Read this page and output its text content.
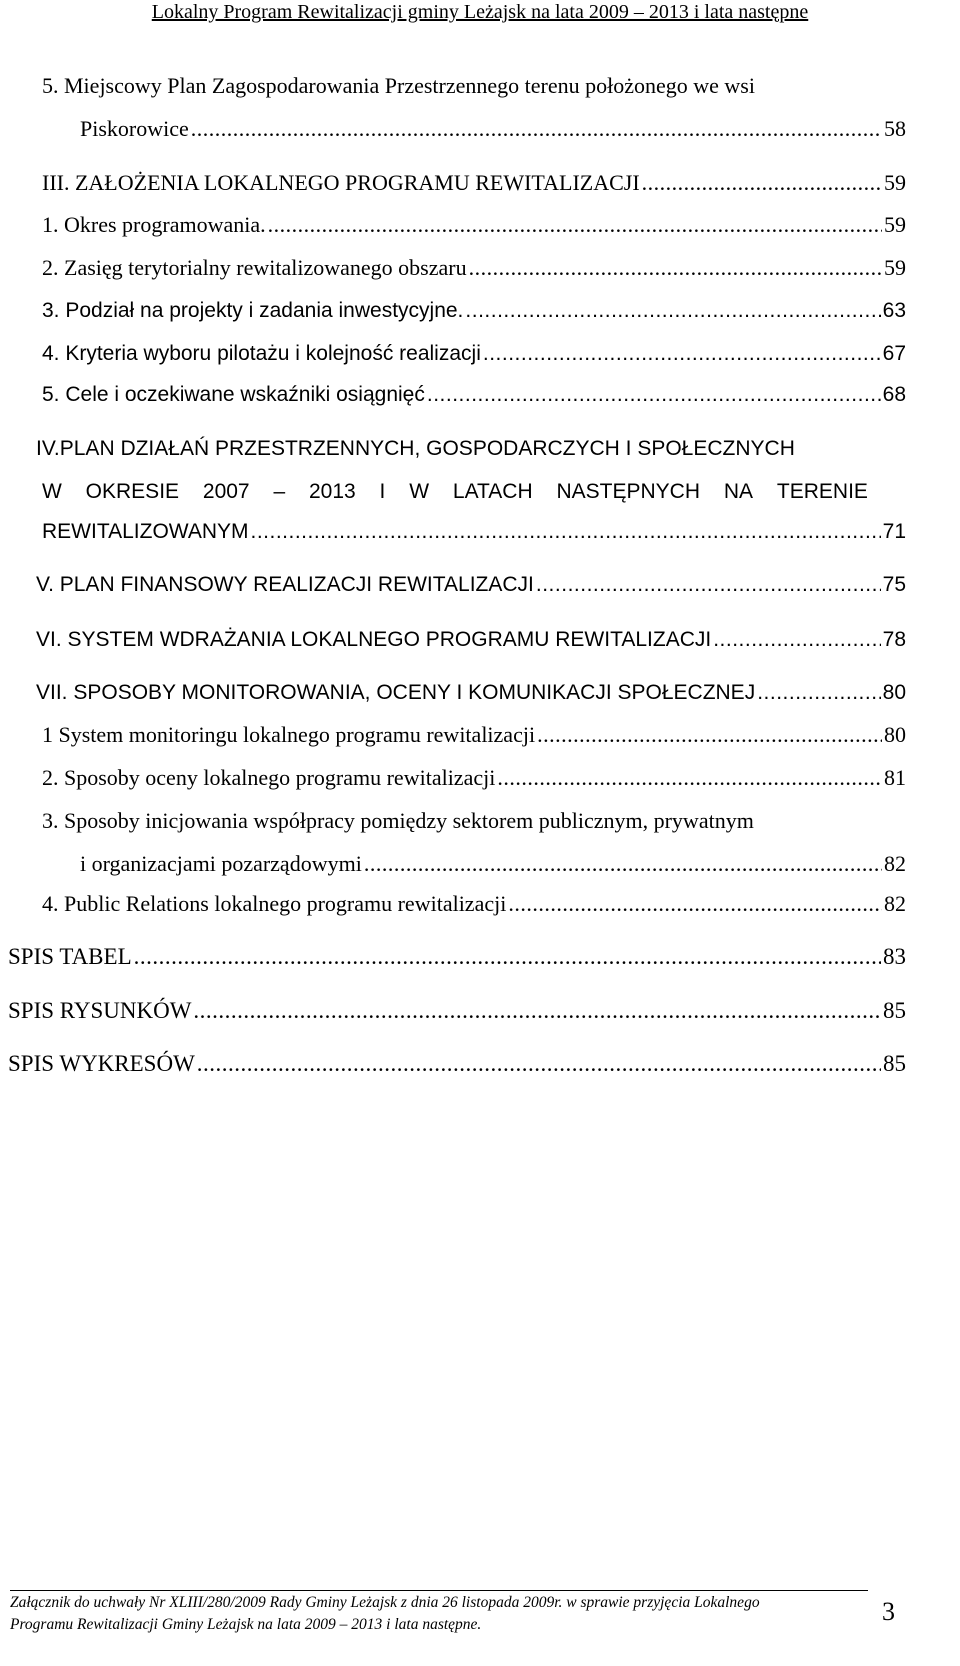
Lokalny Program Rewitalizacji gminy Leżajsk na lata 2009 – 2013 i lata następne
5. Miejscowy Plan Zagospodarowania Przestrzennego terenu położonego we wsi
Piskorowice .....	58
III. ZAŁOŻENIA LOKALNEGO PROGRAMU REWITALIZACJI .....	59
1. Okres programowania. .....	59
2. Zasięg terytorialny rewitalizowanego obszaru .....	59
3. Podział na projekty i zadania inwestycyjne. .....	63
4. Kryteria wyboru pilotażu i kolejność realizacji .....	67
5. Cele i oczekiwane wskaźniki osiągnięć .....	68
IV.PLAN DZIAŁAŃ PRZESTRZENNYCH, GOSPODARCZYCH I SPOŁECZNYCH
W OKRESIE 2007 – 2013 I W LATACH NASTĘPNYCH NA TERENIE
REWITALIZOWANYM .....	71
V. PLAN FINANSOWY REALIZACJI REWITALIZACJI .....	75
VI. SYSTEM WDRAŻANIA LOKALNEGO PROGRAMU REWITALIZACJI .....	78
VII. SPOSOBY MONITOROWANIA, OCENY I KOMUNIKACJI SPOŁECZNEJ .....	80
1 System monitoringu lokalnego programu rewitalizacji .....	80
2. Sposoby oceny lokalnego programu rewitalizacji .....	81
3. Sposoby inicjowania współpracy pomiędzy sektorem publicznym, prywatnym
i organizacjami pozarządowymi .....	82
4. Public Relations lokalnego programu rewitalizacji .....	82
SPIS TABEL .....	83
SPIS RYSUNKÓW .....	85
SPIS WYKRESÓW .....	85
Załącznik do uchwały Nr XLIII/280/2009 Rady Gminy Leżajsk z dnia 26 listopada 2009r. w sprawie przyjęcia Lokalnego
Programu Rewitalizacji Gminy Leżajsk na lata 2009 – 2013 i lata następne.	3
